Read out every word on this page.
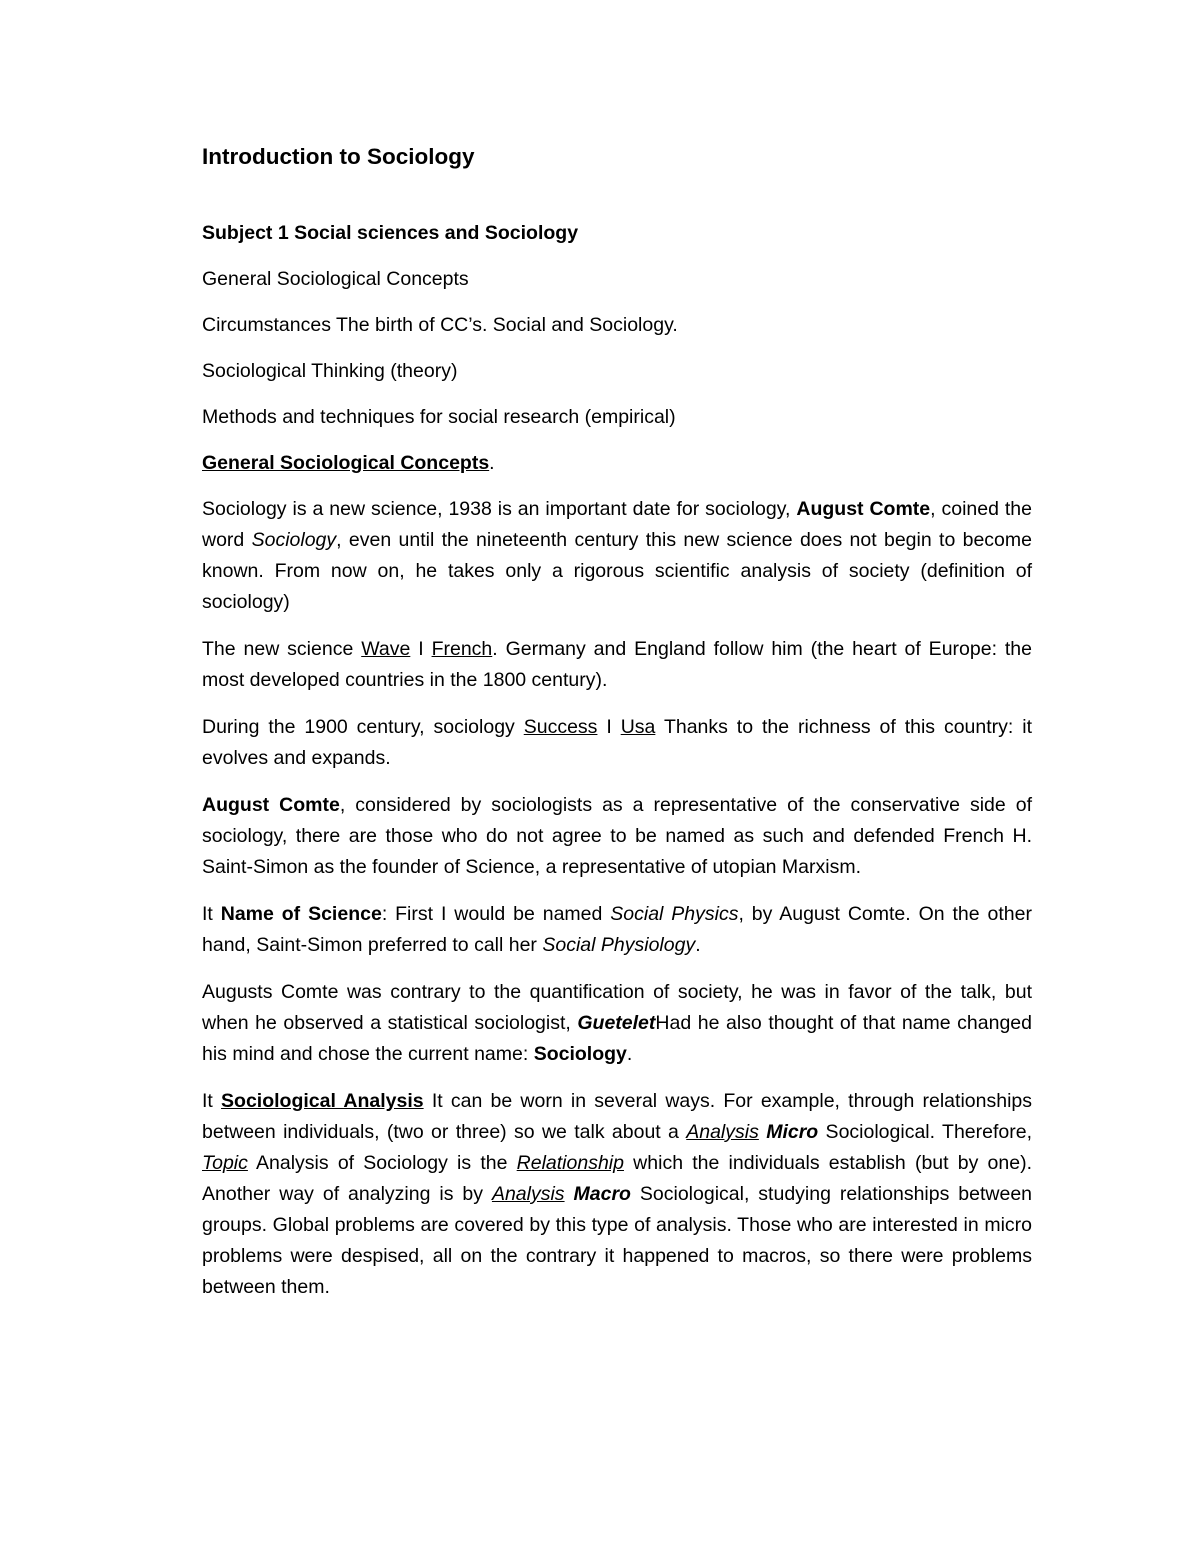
Introduction to Sociology
Subject 1 Social sciences and Sociology
General Sociological Concepts
Circumstances The birth of CC’s. Social and Sociology.
Sociological Thinking (theory)
Methods and techniques for social research (empirical)
General Sociological Concepts.

Sociology is a new science, 1938 is an important date for sociology, August Comte, coined the word Sociology, even until the nineteenth century this new science does not begin to become known. From now on, he takes only a rigorous scientific analysis of society (definition of sociology)

The new science Wave I French. Germany and England follow him (the heart of Europe: the most developed countries in the 1800 century).

During the 1900 century, sociology Success I Usa Thanks to the richness of this country: it evolves and expands.

August Comte, considered by sociologists as a representative of the conservative side of sociology, there are those who do not agree to be named as such and defended French H. Saint-Simon as the founder of Science, a representative of utopian Marxism.

It Name of Science: First I would be named Social Physics, by August Comte. On the other hand, Saint-Simon preferred to call her Social Physiology.

Augusts Comte was contrary to the quantification of society, he was in favor of the talk, but when he observed a statistical sociologist, GueteletHad he also thought of that name changed his mind and chose the current name: Sociology.

It Sociological Analysis It can be worn in several ways. For example, through relationships between individuals, (two or three) so we talk about a Analysis Micro Sociological. Therefore, Topic Analysis of Sociology is the Relationship which the individuals establish (but by one). Another way of analyzing is by Analysis Macro Sociological, studying relationships between groups. Global problems are covered by this type of analysis. Those who are interested in micro problems were despised, all on the contrary it happened to macros, so there were problems between them.
